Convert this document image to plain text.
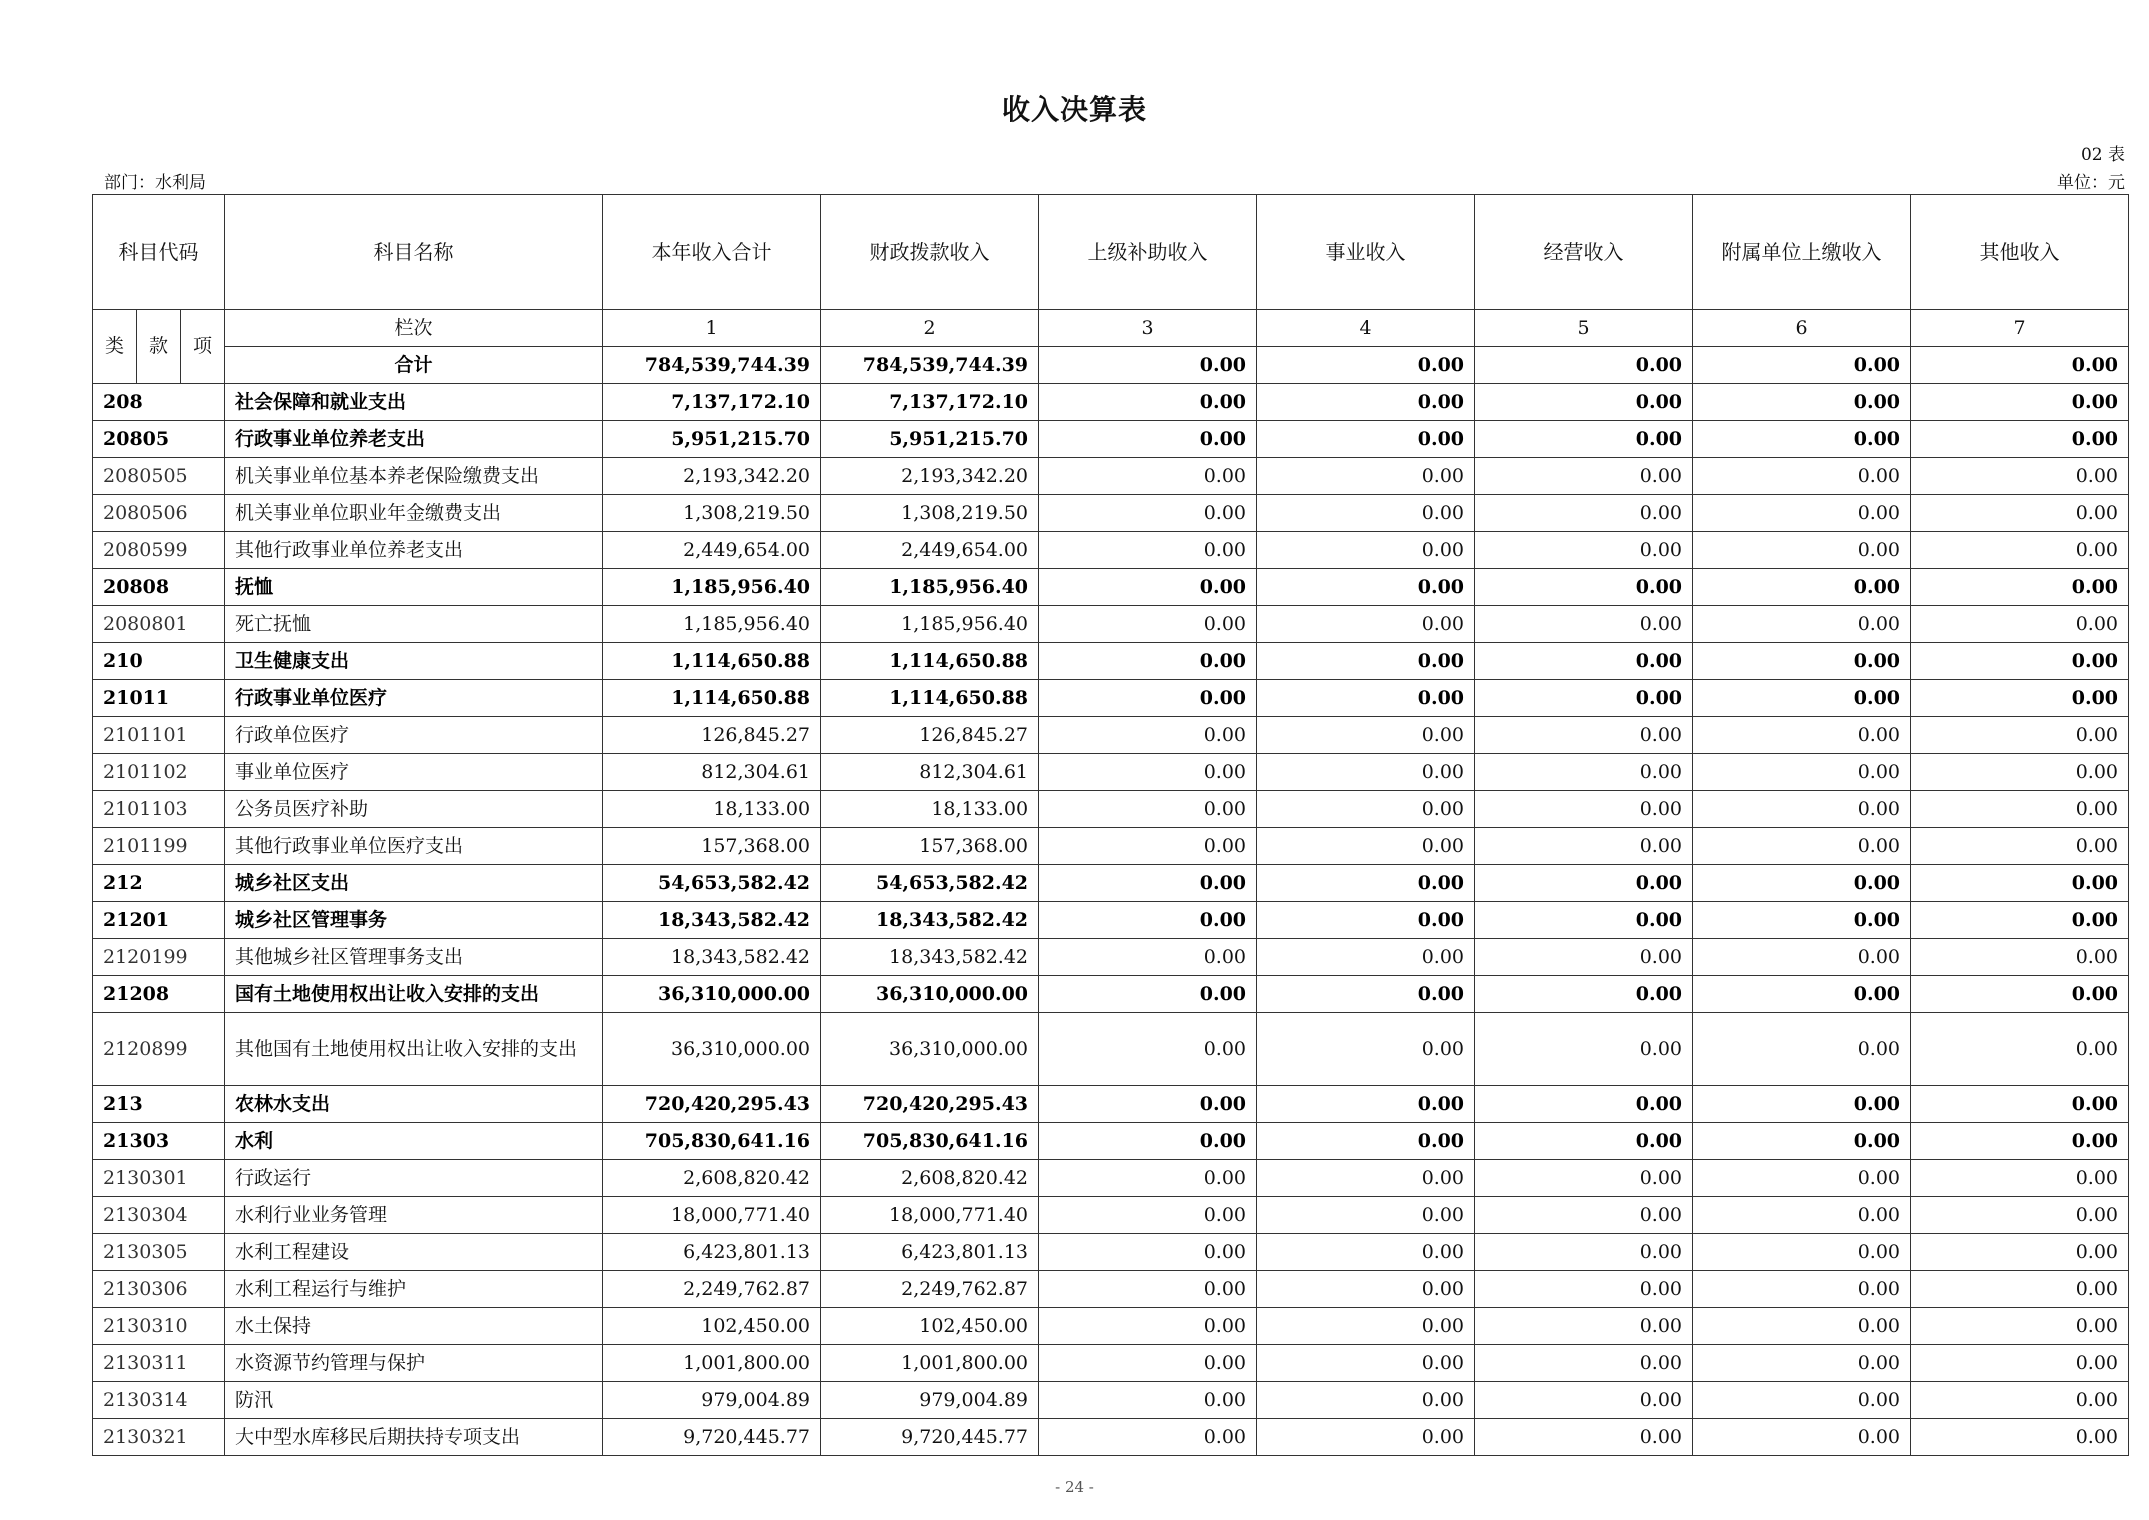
收入决算表
02 表
部门：水利局	单位：元
科目代码			科目名称	本年收入合计	财政拨款收入	上级补助收入	事业收入	经营收入	附属单位上缴收入	其他收入
类	款	项	栏次	1	2	3	4	5	6	7
			合计	784,539,744.39	784,539,744.39	0.00	0.00	0.00	0.00	0.00
208			社会保障和就业支出	7,137,172.10	7,137,172.10	0.00	0.00	0.00	0.00	0.00
20805			行政事业单位养老支出	5,951,215.70	5,951,215.70	0.00	0.00	0.00	0.00	0.00
2080505			机关事业单位基本养老保险缴费支出	2,193,342.20	2,193,342.20	0.00	0.00	0.00	0.00	0.00
2080506			机关事业单位职业年金缴费支出	1,308,219.50	1,308,219.50	0.00	0.00	0.00	0.00	0.00
2080599			其他行政事业单位养老支出	2,449,654.00	2,449,654.00	0.00	0.00	0.00	0.00	0.00
20808			抚恤	1,185,956.40	1,185,956.40	0.00	0.00	0.00	0.00	0.00
2080801			死亡抚恤	1,185,956.40	1,185,956.40	0.00	0.00	0.00	0.00	0.00
210			卫生健康支出	1,114,650.88	1,114,650.88	0.00	0.00	0.00	0.00	0.00
21011			行政事业单位医疗	1,114,650.88	1,114,650.88	0.00	0.00	0.00	0.00	0.00
2101101			行政单位医疗	126,845.27	126,845.27	0.00	0.00	0.00	0.00	0.00
2101102			事业单位医疗	812,304.61	812,304.61	0.00	0.00	0.00	0.00	0.00
2101103			公务员医疗补助	18,133.00	18,133.00	0.00	0.00	0.00	0.00	0.00
2101199			其他行政事业单位医疗支出	157,368.00	157,368.00	0.00	0.00	0.00	0.00	0.00
212			城乡社区支出	54,653,582.42	54,653,582.42	0.00	0.00	0.00	0.00	0.00
21201			城乡社区管理事务	18,343,582.42	18,343,582.42	0.00	0.00	0.00	0.00	0.00
2120199			其他城乡社区管理事务支出	18,343,582.42	18,343,582.42	0.00	0.00	0.00	0.00	0.00
21208			国有土地使用权出让收入安排的支出	36,310,000.00	36,310,000.00	0.00	0.00	0.00	0.00	0.00
2120899			其他国有土地使用权出让收入安排的支出	36,310,000.00	36,310,000.00	0.00	0.00	0.00	0.00	0.00
213			农林水支出	720,420,295.43	720,420,295.43	0.00	0.00	0.00	0.00	0.00
21303			水利	705,830,641.16	705,830,641.16	0.00	0.00	0.00	0.00	0.00
2130301			行政运行	2,608,820.42	2,608,820.42	0.00	0.00	0.00	0.00	0.00
2130304			水利行业业务管理	18,000,771.40	18,000,771.40	0.00	0.00	0.00	0.00	0.00
2130305			水利工程建设	6,423,801.13	6,423,801.13	0.00	0.00	0.00	0.00	0.00
2130306			水利工程运行与维护	2,249,762.87	2,249,762.87	0.00	0.00	0.00	0.00	0.00
2130310			水土保持	102,450.00	102,450.00	0.00	0.00	0.00	0.00	0.00
2130311			水资源节约管理与保护	1,001,800.00	1,001,800.00	0.00	0.00	0.00	0.00	0.00
2130314			防汛	979,004.89	979,004.89	0.00	0.00	0.00	0.00	0.00
2130321			大中型水库移民后期扶持专项支出	9,720,445.77	9,720,445.77	0.00	0.00	0.00	0.00	0.00
- 24 -
